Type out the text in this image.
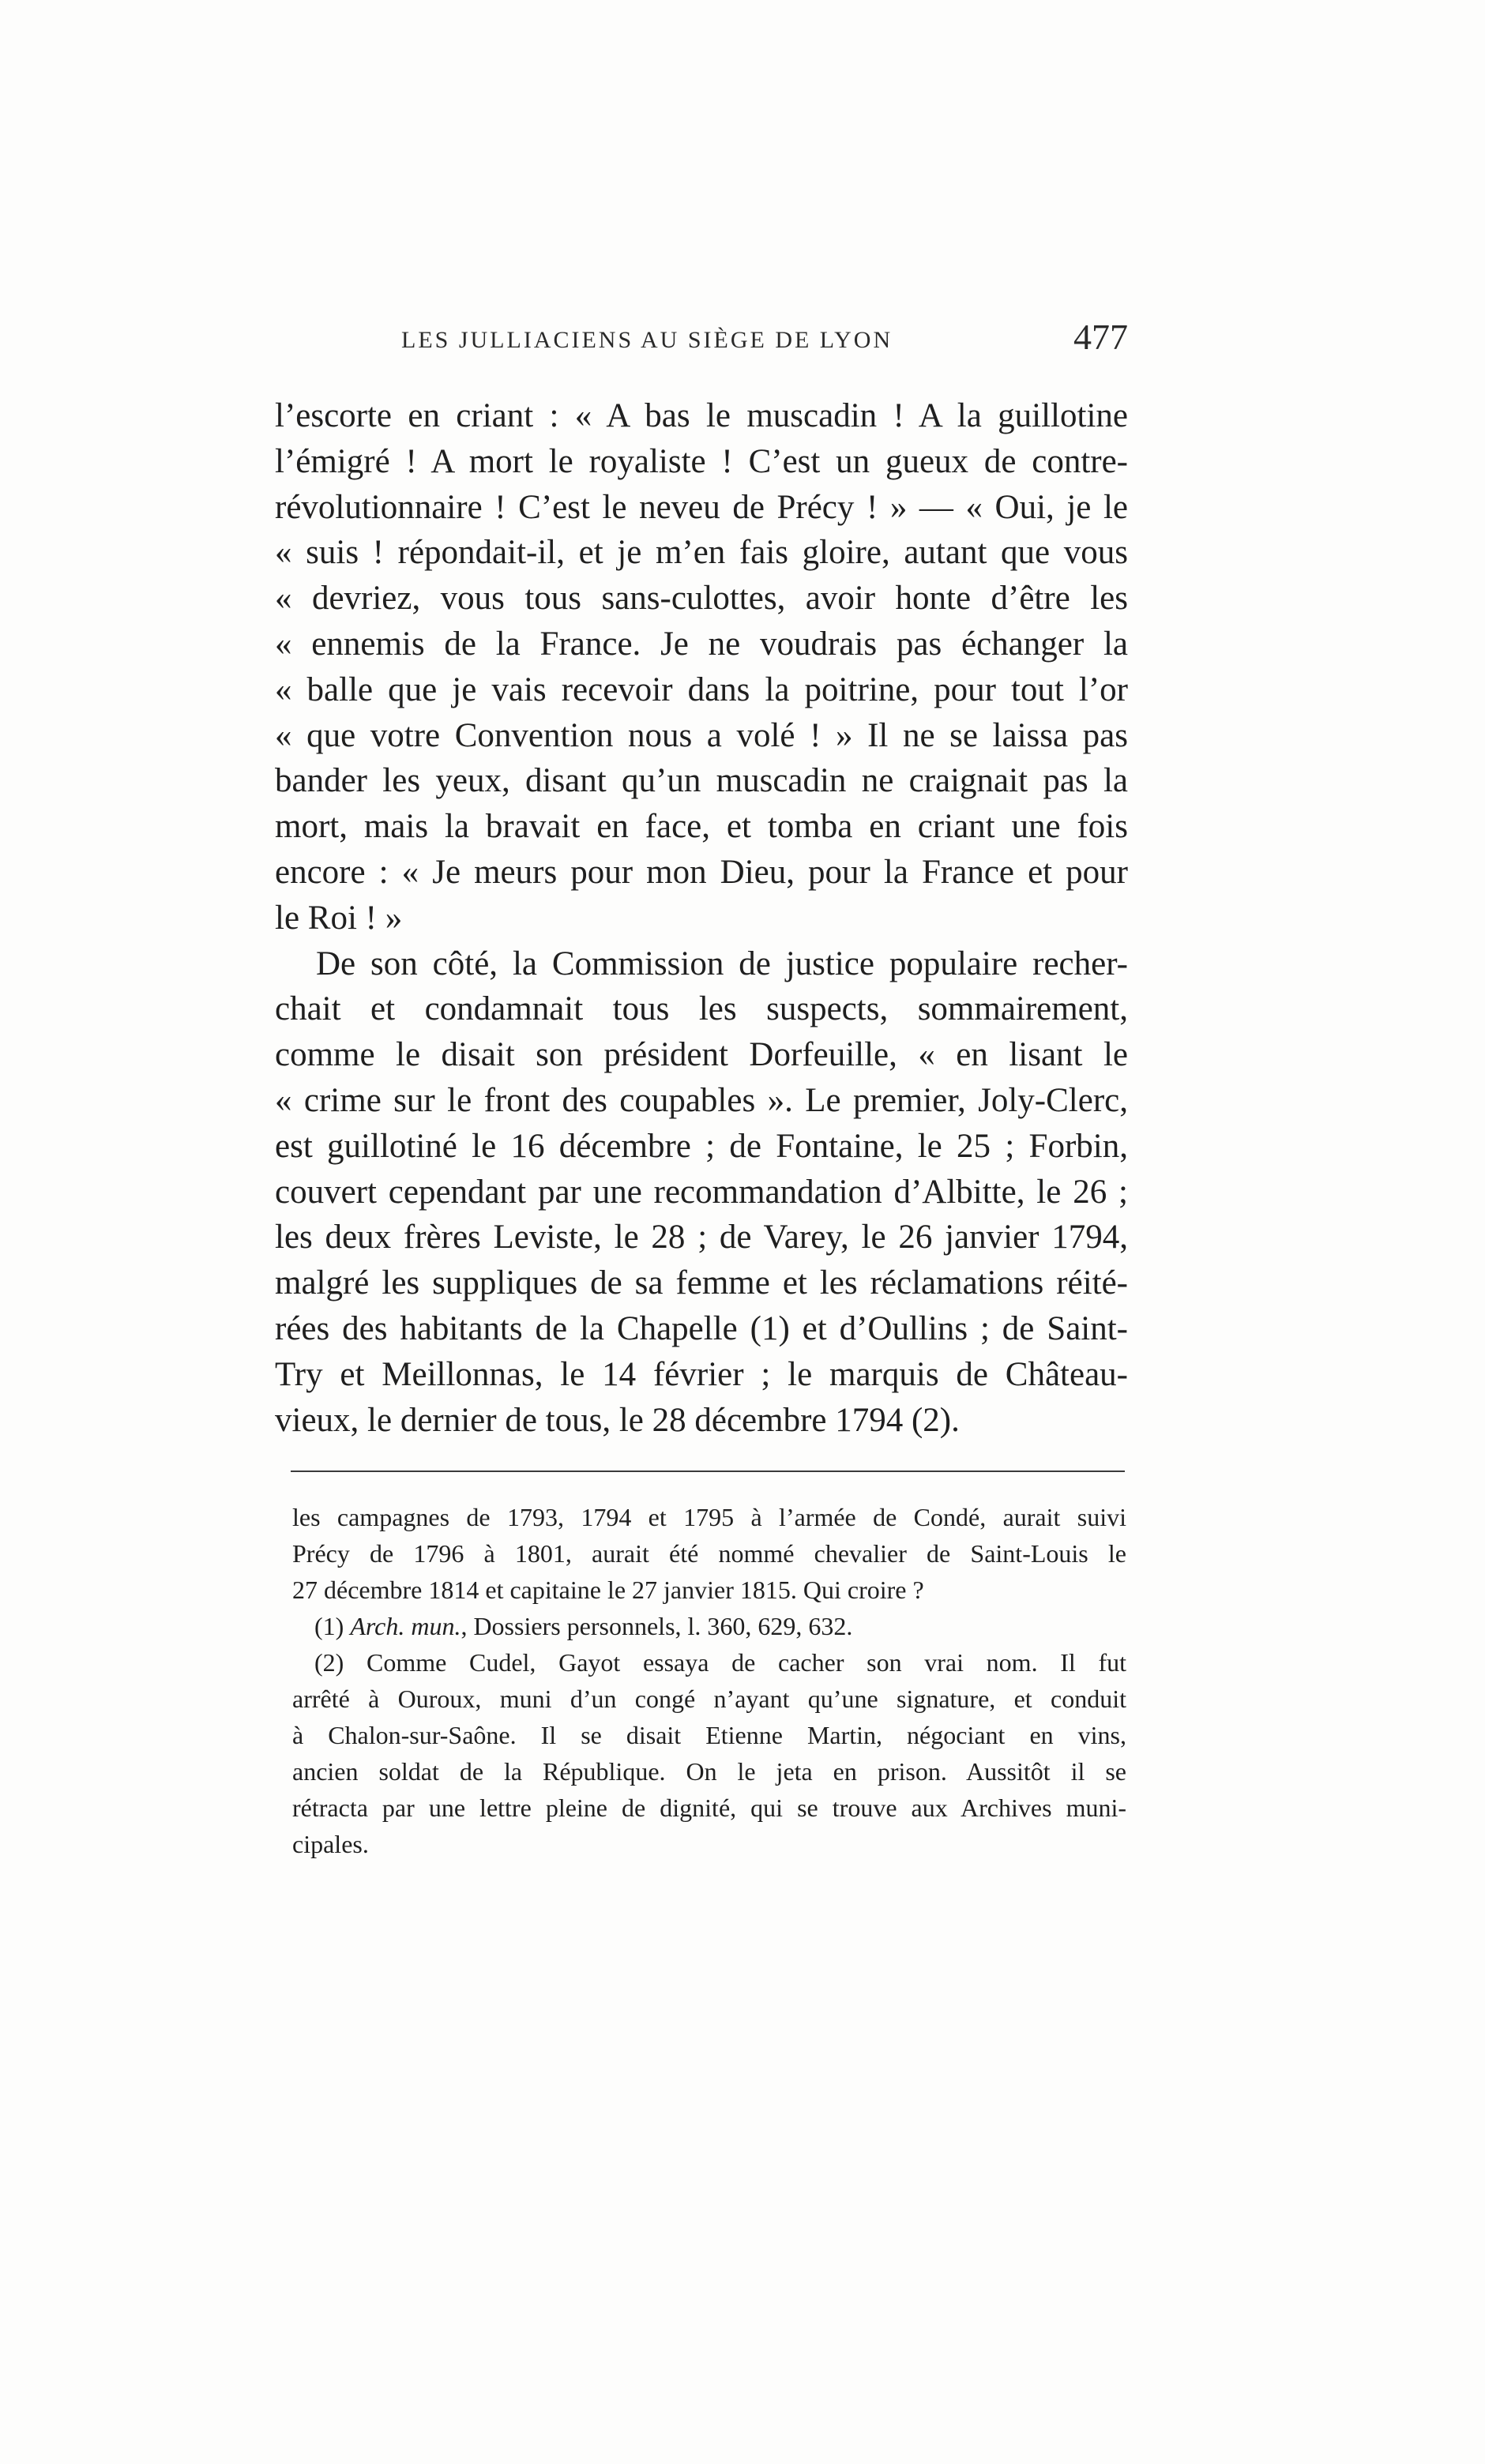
LES JULLIACIENS AU SIÈGE DE LYON	477
l’escorte en criant : « A bas le muscadin ! A la guillotine
l’émigré ! A mort le royaliste ! C’est un gueux de contre-
révolutionnaire ! C’est le neveu de Précy ! » — « Oui, je le
« suis ! répondait-il, et je m’en fais gloire, autant que vous
« devriez, vous tous sans-culottes, avoir honte d’être les
« ennemis de la France. Je ne voudrais pas échanger la
« balle que je vais recevoir dans la poitrine, pour tout l’or
« que votre Convention nous a volé ! » Il ne se laissa pas
bander les yeux, disant qu’un muscadin ne craignait pas la
mort, mais la bravait en face, et tomba en criant une fois
encore : « Je meurs pour mon Dieu, pour la France et pour
le Roi ! »
De son côté, la Commission de justice populaire recher-
chait et condamnait tous les suspects, sommairement,
comme le disait son président Dorfeuille, « en lisant le
« crime sur le front des coupables ». Le premier, Joly-Clerc,
est guillotiné le 16 décembre ; de Fontaine, le 25 ; Forbin,
couvert cependant par une recommandation d’Albitte, le 26 ;
les deux frères Leviste, le 28 ; de Varey, le 26 janvier 1794,
malgré les suppliques de sa femme et les réclamations réité-
rées des habitants de la Chapelle (1) et d’Oullins ; de Saint-
Try et Meillonnas, le 14 février ; le marquis de Château-
vieux, le dernier de tous, le 28 décembre 1794 (2).
les campagnes de 1793, 1794 et 1795 à l’armée de Condé, aurait suivi
Précy de 1796 à 1801, aurait été nommé chevalier de Saint-Louis le
27 décembre 1814 et capitaine le 27 janvier 1815. Qui croire ?
(1) Arch. mun., Dossiers personnels, l. 360, 629, 632.
(2) Comme Cudel, Gayot essaya de cacher son vrai nom. Il fut
arrêté à Ouroux, muni d’un congé n’ayant qu’une signature, et conduit
à Chalon-sur-Saône. Il se disait Etienne Martin, négociant en vins,
ancien soldat de la République. On le jeta en prison. Aussitôt il se
rétracta par une lettre pleine de dignité, qui se trouve aux Archives muni-
cipales.
